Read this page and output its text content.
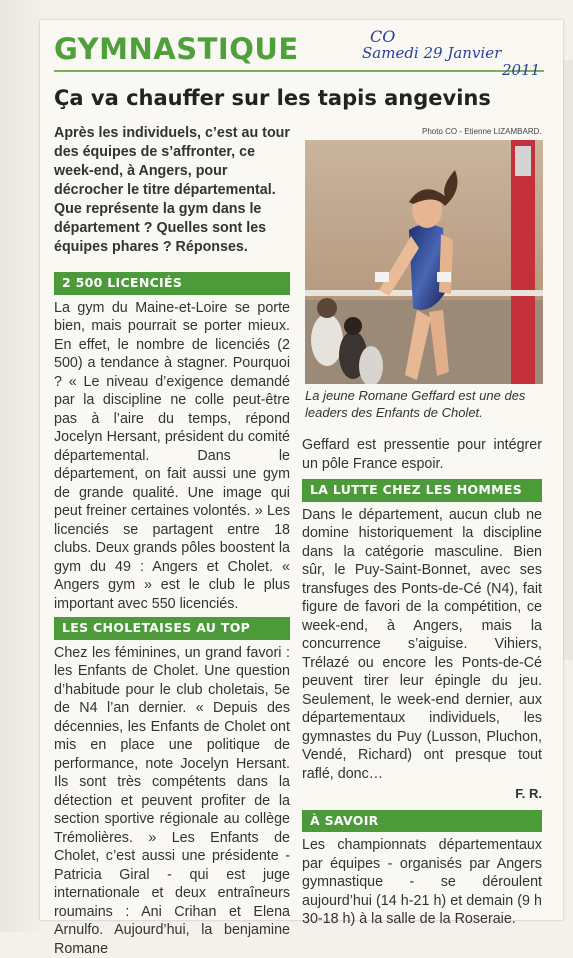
GYMNASTIQUE	CO
Samedi 29 Janvier
2011
Ça va chauffer sur les tapis angevins
Photo CO - Etienne LIZAMBARD.
Après les individuels, c’est au tour des équipes de s’affronter, ce week-end, à Angers, pour décrocher le titre départemental. Que représente la gym dans le département ? Quelles sont les équipes phares ? Réponses.
La jeune Romane Geffard est une des leaders des Enfants de Cholet.
2 500 LICENCIÉS

La gym du Maine-et-Loire se porte bien, mais pourrait se porter mieux. En effet, le nombre de licenciés (2 500) a tendance à stagner. Pourquoi ? « Le niveau d’exigence demandé par la discipline ne colle peut-être pas à l’aire du temps, répond Jocelyn Hersant, président du comité départemental. Dans le département, on fait aussi une gym de grande qualité. Une image qui peut freiner certaines volontés. » Les licenciés se partagent entre 18 clubs. Deux grands pôles boostent la gym du 49 : Angers et Cholet. « Angers gym » est le club le plus important avec 550 licenciés.

LES CHOLETAISES AU TOP

Chez les féminines, un grand favori : les Enfants de Cholet. Une question d’habitude pour le club choletais, 5e de N4 l’an dernier. « Depuis des décennies, les Enfants de Cholet ont mis en place une politique de performance, note Jocelyn Hersant. Ils sont très compétents dans la détection et peuvent profiter de la section sportive régionale au collège Trémolières. » Les Enfants de Cholet, c’est aussi une présidente - Patricia Giral - qui est juge internationale et deux entraîneurs roumains : Ani Crihan et Elena Arnulfo. Aujourd’hui, la benjamine Romane

Geffard est pressentie pour intégrer un pôle France espoir.

LA LUTTE CHEZ LES HOMMES

Dans le département, aucun club ne domine historiquement la discipline dans la catégorie masculine. Bien sûr, le Puy-Saint-Bonnet, avec ses transfuges des Ponts-de-Cé (N4), fait figure de favori de la compétition, ce week-end, à Angers, mais la concurrence s’aiguise. Vihiers, Trélazé ou encore les Ponts-de-Cé peuvent tirer leur épingle du jeu. Seulement, le week-end dernier, aux départementaux individuels, les gymnastes du Puy (Lusson, Pluchon, Vendé, Richard) ont presque tout raflé, donc…

F. R.
À SAVOIR

Les championnats départementaux par équipes - organisés par Angers gymnastique - se déroulent aujourd’hui (14 h-21 h) et demain (9 h 30-18 h) à la salle de la Roseraie.
